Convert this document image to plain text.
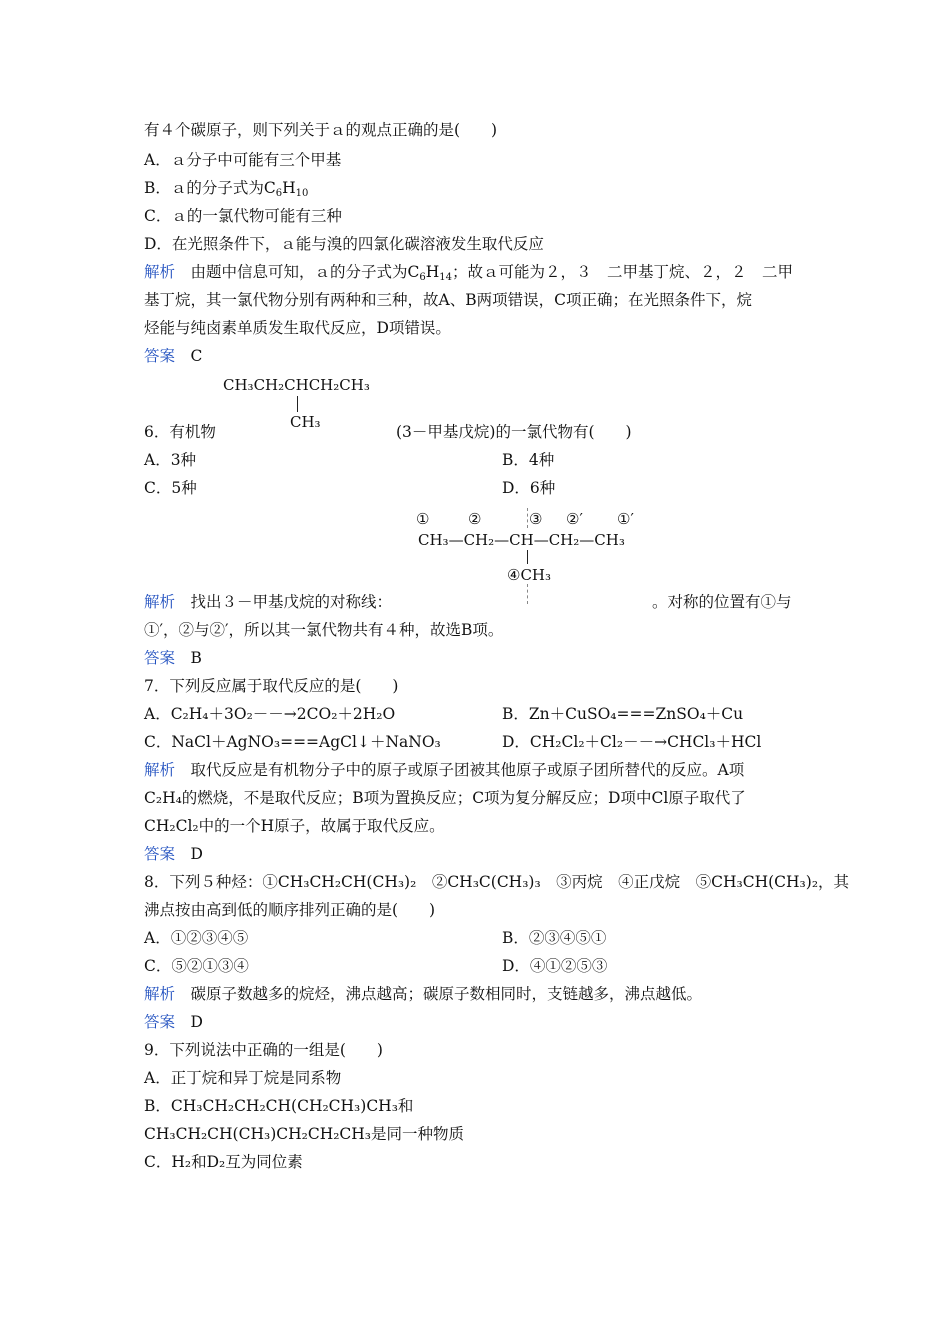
有４个碳原子，则下列关于ａ的观点正确的是(　　)
A．ａ分子中可能有三个甲基
B．ａ的分子式为$C_6H_{10}$
C．ａ的一氯代物可能有三种
D．在光照条件下，ａ能与溴的四氯化碳溶液发生取代反应
解析　由题中信息可知，ａ的分子式为$C_6H_{14}$；故ａ可能为２，３　二甲基丁烷、２，２　二甲
基丁烷，其一氯代物分别有两种和三种，故A、B两项错误，C项正确；在光照条件下，烷
烃能与纯卤素单质发生取代反应，D项错误。
答案　C
CH₃CH₂CHCH₂CH₃
CH₃
6．有机物	(3－甲基戊烷)的一氯代物有(　　)
A．3种	B．4种
C．5种	D．6种
①	②	③ ②′ ①′
CH₃—CH₂—CH—CH₂—CH₃
④CH₃
解析　找出３－甲基戊烷的对称线：	。对称的位置有①与
①′，②与②′，所以其一氯代物共有４种，故选B项。
答案　B
7．下列反应属于取代反应的是(　　)
A．C₂H₄＋3O₂－－→2CO₂＋2H₂O	B．Zn＋CuSO₄===ZnSO₄＋Cu
C．NaCl＋AgNO₃===AgCl↓＋NaNO₃	D．CH₂Cl₂＋Cl₂－－→CHCl₃＋HCl
解析　取代反应是有机物分子中的原子或原子团被其他原子或原子团所替代的反应。A项
C₂H₄的燃烧，不是取代反应；B项为置换反应；C项为复分解反应；D项中Cl原子取代了
CH₂Cl₂中的一个H原子，故属于取代反应。
答案　D
8．下列５种烃：①CH₃CH₂CH(CH₃)₂　②CH₃C(CH₃)₃　③丙烷　④正戊烷　⑤CH₃CH(CH₃)₂，其
沸点按由高到低的顺序排列正确的是(　　)
A．①②③④⑤	B．②③④⑤①
C．⑤②①③④	D．④①②⑤③
解析　碳原子数越多的烷烃，沸点越高；碳原子数相同时，支链越多，沸点越低。
答案　D
9．下列说法中正确的一组是(　　)
A．正丁烷和异丁烷是同系物
B．CH₃CH₂CH₂CH(CH₂CH₃)CH₃和
CH₃CH₂CH(CH₃)CH₂CH₂CH₃是同一种物质
C．H₂和D₂互为同位素
